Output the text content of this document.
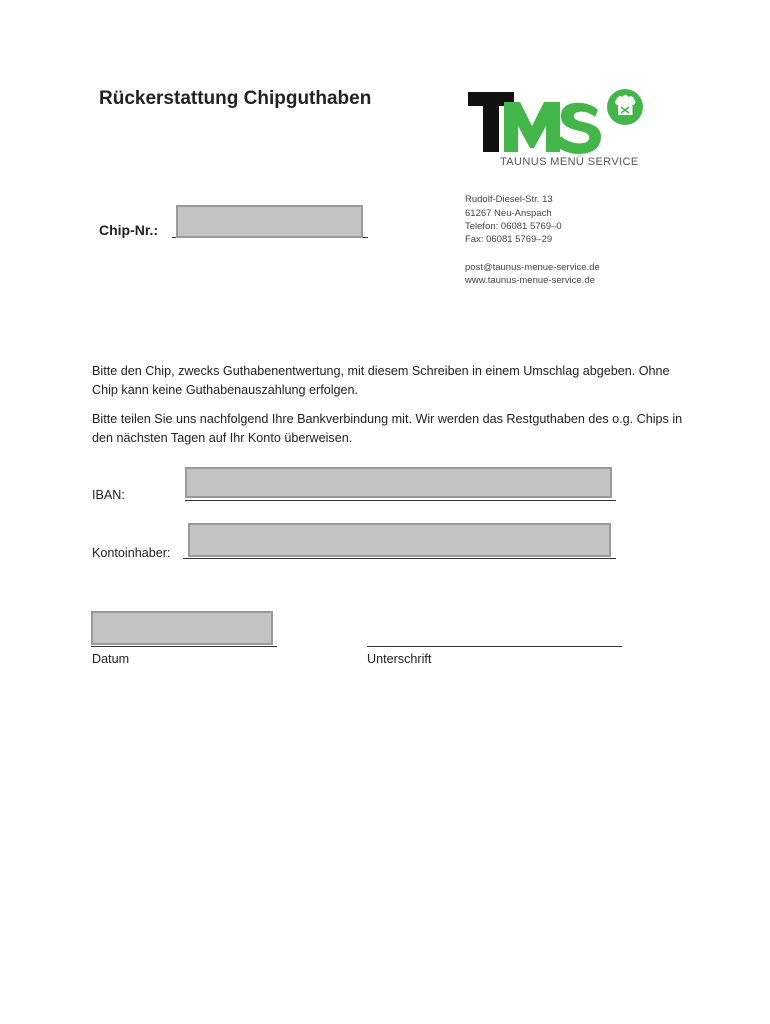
Rückerstattung Chipguthaben
TAUNUS MENÜ SERVICE
Rudolf-Diesel-Str. 13
61267 Neu-Anspach
Telefon: 06081 5769–0
Fax: 06081 5769–29
post@taunus-menue-service.de
www.taunus-menue-service.de
Chip-Nr.:

Bitte den Chip, zwecks Guthabenentwertung, mit diesem Schreiben in einem Umschlag abgeben. Ohne Chip kann keine Guthabenauszahlung erfolgen.

Bitte teilen Sie uns nachfolgend Ihre Bankverbindung mit. Wir werden das Restguthaben des o.g. Chips in den nächsten Tagen auf Ihr Konto überweisen.

IBAN:
Kontoinhaber:
Datum	Unterschrift
